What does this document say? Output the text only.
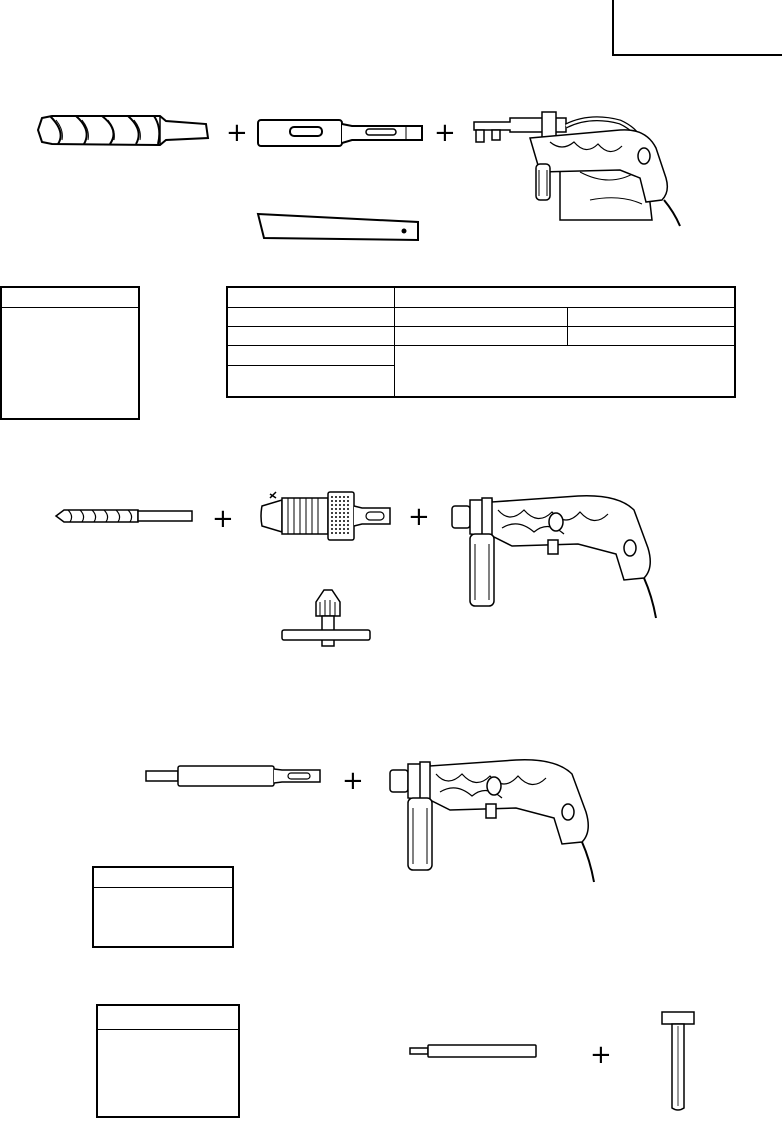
+	+

+	+
+
+
